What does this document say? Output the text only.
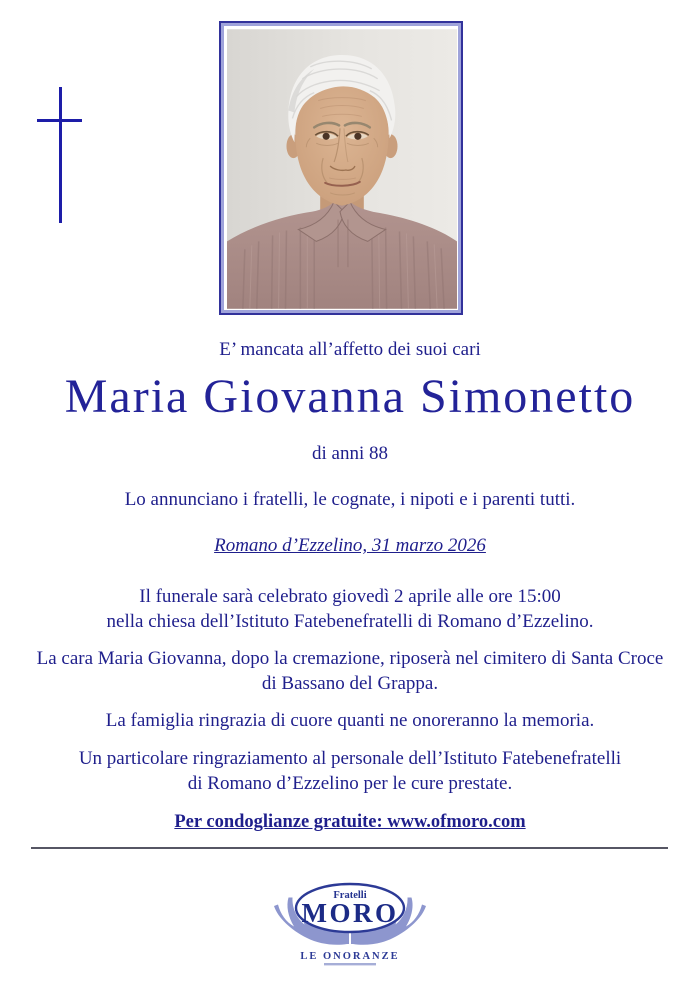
E’ mancata all’affetto dei suoi cari
Maria Giovanna Simonetto
di anni 88
Lo annunciano i fratelli, le cognate, i nipoti e i parenti tutti.
Romano d’Ezzelino, 31 marzo 2026
Il funerale sarà celebrato giovedì 2 aprile alle ore 15:00
nella chiesa dell’Istituto Fatebenefratelli di Romano d’Ezzelino.
La cara Maria Giovanna, dopo la cremazione, riposerà nel cimitero di Santa Croce
di Bassano del Grappa.
La famiglia ringrazia di cuore quanti ne onoreranno la memoria.
Un particolare ringraziamento al personale dell’Istituto Fatebenefratelli
di Romano d’Ezzelino per le cure prestate.
Per condoglianze gratuite: www.ofmoro.com
Fratelli
MORO
LE ONORANZE
